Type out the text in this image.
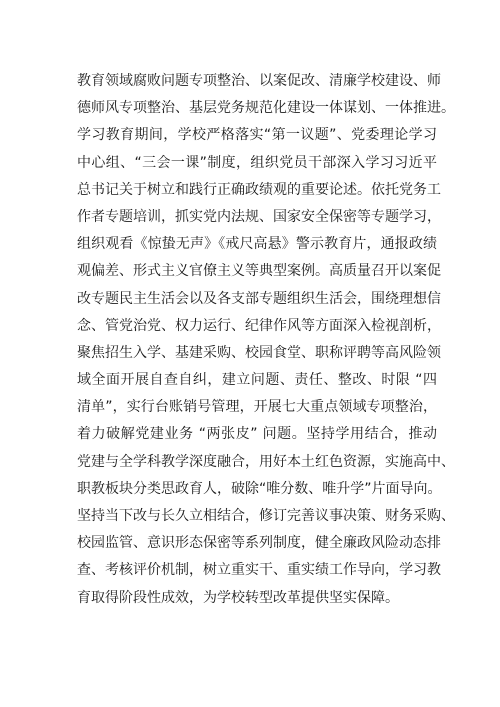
教育领域腐败问题专项整治、以案促改、清廉学校建设、师
德师风专项整治、基层党务规范化建设一体谋划、一体推进。
学习教育期间，学校严格落实“第一议题”、党委理论学习
中心组、“三会一课”制度，组织党员干部深入学习习近平
总书记关于树立和践行正确政绩观的重要论述。依托党务工
作者专题培训，抓实党内法规、国家安全保密等专题学习，
组织观看《惊蛰无声》《戒尺高悬》警示教育片，通报政绩
观偏差、形式主义官僚主义等典型案例。高质量召开以案促
改专题民主生活会以及各支部专题组织生活会，围绕理想信
念、管党治党、权力运行、纪律作风等方面深入检视剖析，
聚焦招生入学、基建采购、校园食堂、职称评聘等高风险领
域全面开展自查自纠，建立问题、责任、整改、时限 “四
清单”，实行台账销号管理，开展七大重点领域专项整治，
着力破解党建业务 “两张皮” 问题。坚持学用结合，推动
党建与全学科教学深度融合，用好本土红色资源，实施高中、
职教板块分类思政育人，破除“唯分数、唯升学”片面导向。
坚持当下改与长久立相结合，修订完善议事决策、财务采购、
校园监管、意识形态保密等系列制度，健全廉政风险动态排
查、考核评价机制，树立重实干、重实绩工作导向，学习教
育取得阶段性成效，为学校转型改革提供坚实保障。
